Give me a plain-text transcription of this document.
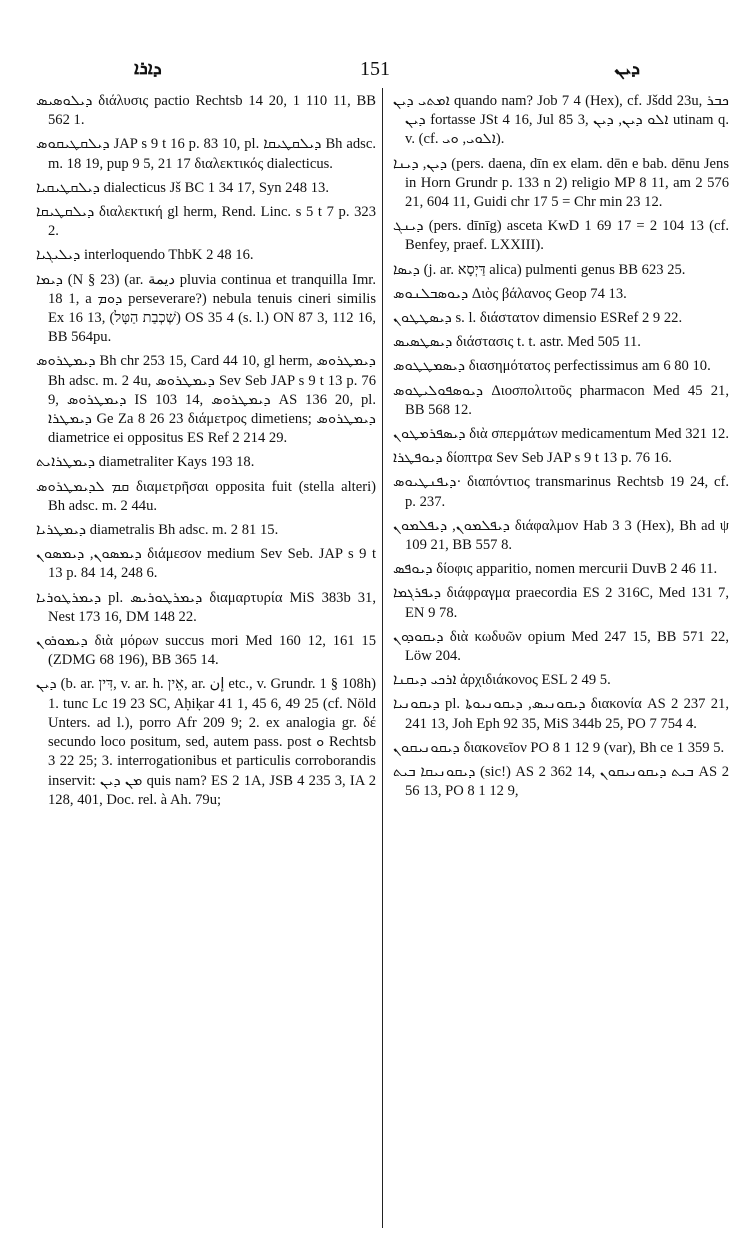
ܕܐܪܐ	151	ܕܝܢ

ܕܝܠܘܣܝܣ διάλυσις pactio Rechtsb 14 20, 1 110 11, BB 562 1.

ܕܝܠܩܛܝܩܘܣ JAP s 9 t 16 p. 83 10, pl. ܕܝܠܩܛܝܩܐ Bh adsc. m. 18 19, pup 9 5, 21 17 διαλεκτικός dialecticus.

ܕܝܠܩܛܝܩܝܐ dialecticus Jš BC 1 34 17, Syn 248 13.

ܕܝܠܩܛܝܩܐ διαλεκτική gl herm, Rend. Linc. s 5 t 7 p. 323 2.

ܕܝܠܝܓܝܐ interloquendo ThbK 2 48 16.

ܕܝܡܐ (N § 23) (ar. ديمة pluvia continua et tranquilla Imr. 18 1, a ܕܘܡ perseverare?) nebula tenuis cineri similis Ex 16 13, (שְׁכְבַת הַטָּל) OS 35 4 (s. l.) ON 87 3, 112 16, BB 564pu.

ܕܝܡܛܪܘܣ Bh chr 253 15, Card 44 10, gl herm, ܕܝܡܛܪܘܣ Bh adsc. m. 2 4u, ܕܝܡܛܪܘܣ Sev Seb JAP s 9 t 13 p. 76 9, ܕܝܡܛܪܘܣ IS 103 14, ܕܝܡܛܪܘܣ AS 136 20, pl. ܕܝܡܛܪܐ Ge Za 8 26 23 διάμετρος dimetiens; ܕܝܡܛܪܘܣ diametrice ei oppositus ES Ref 2 214 29.

ܕܝܡܛܪܐܝܬ diametraliter Kays 193 18.

ܩܡ ܠܕܝܡܛܪܘܣ διαμετρῆσαι opposita fuit (stella alteri) Bh adsc. m. 2 44u.

ܕܝܡܛܪܝܐ diametralis Bh adsc. m. 2 81 15.

ܕܝܡܣܘܢ, ܕܝܡܣܘܢ διάμεσον medium Sev Seb. JAP s 9 t 13 p. 84 14, 248 6.

ܕܝܡܪܛܘܪܝܐ pl. ܕܝܡܪܛܘܪܝܣ διαμαρτυρία MiS 383b 31, Nest 173 16, DM 148 22.

ܕܝܡܘܪܘܢ διὰ μόρων succus mori Med 160 12, 161 15 (ZDMG 68 196), BB 365 14.

ܕܝܢ (b. ar. דִּין, v. ar. h. אֵין, ar. إن etc., v. Grundr. 1 § 108h) 1. tunc Lc 19 23 SC, Aḥiḳar 41 1, 45 6, 49 25 (cf. Nöld Unters. ad l.), porro Afr 209 9; 2. ex analogia gr. δέ secundo loco positum, sed, autem pass. post ܘ Rechtsb 3 22 25; 3. interrogationibus et particulis corroborandis inservit: ܡܢ ܕܝܢ quis nam? ES 2 1A, JSB 4 235 3, IA 2 128, 401, Doc. rel. à Ah. 79u;

ܐܡܬܝ ܕܝܢ quando nam? Job 7 4 (Hex), cf. Jšdd 23u, ܟܒܪ ܕܝܢ fortasse JSt 4 16, Jul 85 3, ܐܠܘ ܕܝܢ, ܕܝܢ utinam q. v. (cf. ܐܠܘܝ, ܘܝ).

ܕܝܢ, ܕܝܢܐ (pers. daena, dīn ex elam. dēn e bab. dēnu Jens in Horn Grundr p. 133 n 2) religio MP 8 11, am 2 576 21, 604 11, Guidi chr 17 5 = Chr min 23 12.

ܕܝܢܓ (pers. dīnīg) asceta KwD 1 69 17 = 2 104 13 (cf. Benfey, praef. LXXIII).

ܕܝܣܐ (j. ar. דַּיְסָא alica) pulmenti genus BB 623 25.

ܕܝܘܣܒܠܢܘܣ Διὸς βάλανος Geop 74 13.

ܕܝܣܛܛܘܢ s. l. διάστατον dimensio ESRef 2 9 22.

ܕܝܣܛܣܝܣ διάστασις t. t. astr. Med 505 11.

ܕܝܣܡܛܛܘܣ διασημότατος perfectissimus am 6 80 10.

ܕܝܘܣܦܘܠܝܛܘܣ Διοσπολιτοῦς pharmacon Med 45 21, BB 568 12.

ܕܝܣܦܪܡܛܘܢ διὰ σπερμάτων medicamentum Med 321 12.

ܕܝܘܦܛܪܐ δίοπτρα Sev Seb JAP s 9 t 13 p. 76 16.

ܕܝܦܢܛܝܘܣ· διαπόντιος transmarinus Rechtsb 19 24, cf. p. 237.

ܕܝܦܠܡܘܢ, ܕܝܦܠܡܘܢ διάφαλμον Hab 3 3 (Hex), Bh ad ψ 109 21, BB 557 8.

ܕܝܘܦܣ δίοφις apparitio, nomen mercurii DuvB 2 46 11.

ܕܝܦܪܓܡܐ διάφραγμα praecordia ES 2 316C, Med 131 7, EN 9 78.

ܕܝܩܘܕܘܢ διὰ κωδυῶν opium Med 247 15, BB 571 22, Löw 204.

ܐܪܟܝ ܕܝܩܢܐ ἀρχιδιάκονος ESL 2 49 5.

ܕܝܩܘܢܝܐ pl. ܕܝܩܘܢܝܣ, ܕܝܩܘܢܝܘܬܐ διακονία AS 2 237 21, 241 13, Joh Eph 92 35, MiS 344b 25, PO 7 754 4.

ܕܝܩܘܢܝܩܘܢ διακονεῖον PO 8 1 12 9 (var), Bh ce 1 359 5.

ܕܝܩܘܢܝܩܐ ܒܝܬ (sic!) AS 2 362 14, ܒܝܬ ܕܝܩܘܢܝܩܘܢ AS 2 56 13, PO 8 1 12 9,
